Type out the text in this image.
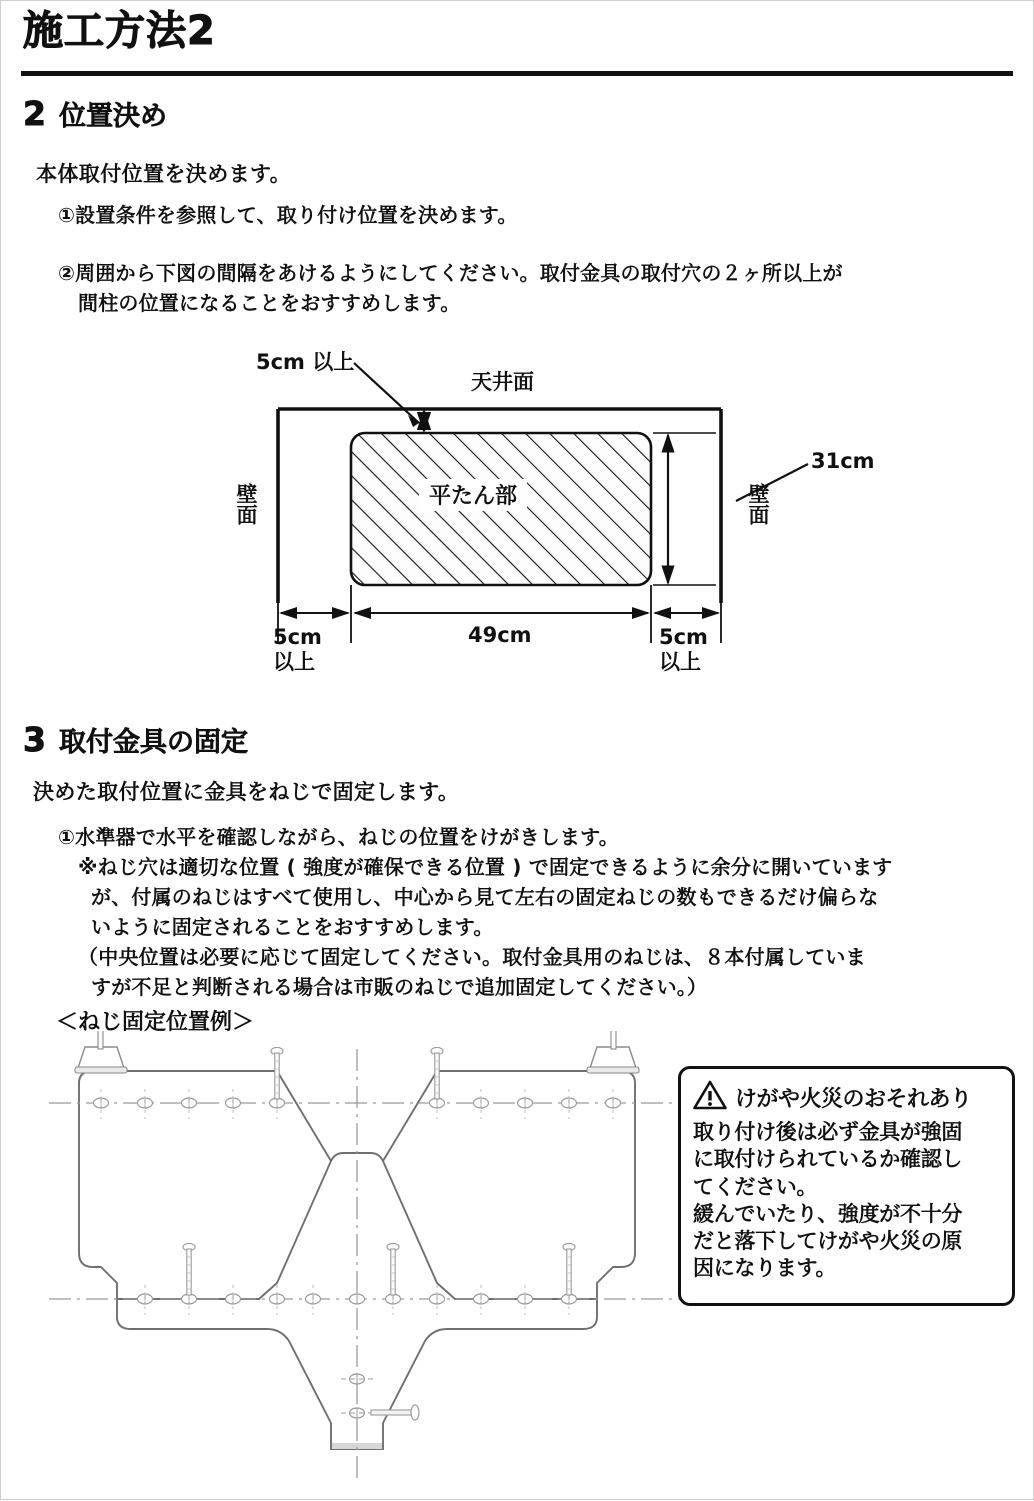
施工方法2
2 位置決め
本体取付位置を決めます。
①設置条件を参照して、取り付け位置を決めます。
②周囲から下図の間隔をあけるようにしてください。取付金具の取付穴の２ヶ所以上が
間柱の位置になることをおすすめします。
平たん部
5cm 以上
天井面
壁面	壁面
31cm
49cm
5cm
以上
5cm
以上
3 取付金具の固定
決めた取付位置に金具をねじで固定します。
①水準器で水平を確認しながら、ねじの位置をけがきします。
※ねじ穴は適切な位置 ( 強度が確保できる位置 ) で固定できるように余分に開いています
が、付属のねじはすべて使用し、中心から見て左右の固定ねじの数もできるだけ偏らな
いように固定されることをおすすめします。
（中央位置は必要に応じて固定してください。取付金具用のねじは、８本付属していま
すが不足と判断される場合は市販のねじで追加固定してください。）
＜ねじ固定位置例＞
けがや火災のおそれあり
取り付け後は必ず金具が強固
に取付けられているか確認し
てください。
緩んでいたり、強度が不十分
だと落下してけがや火災の原
因になります。
